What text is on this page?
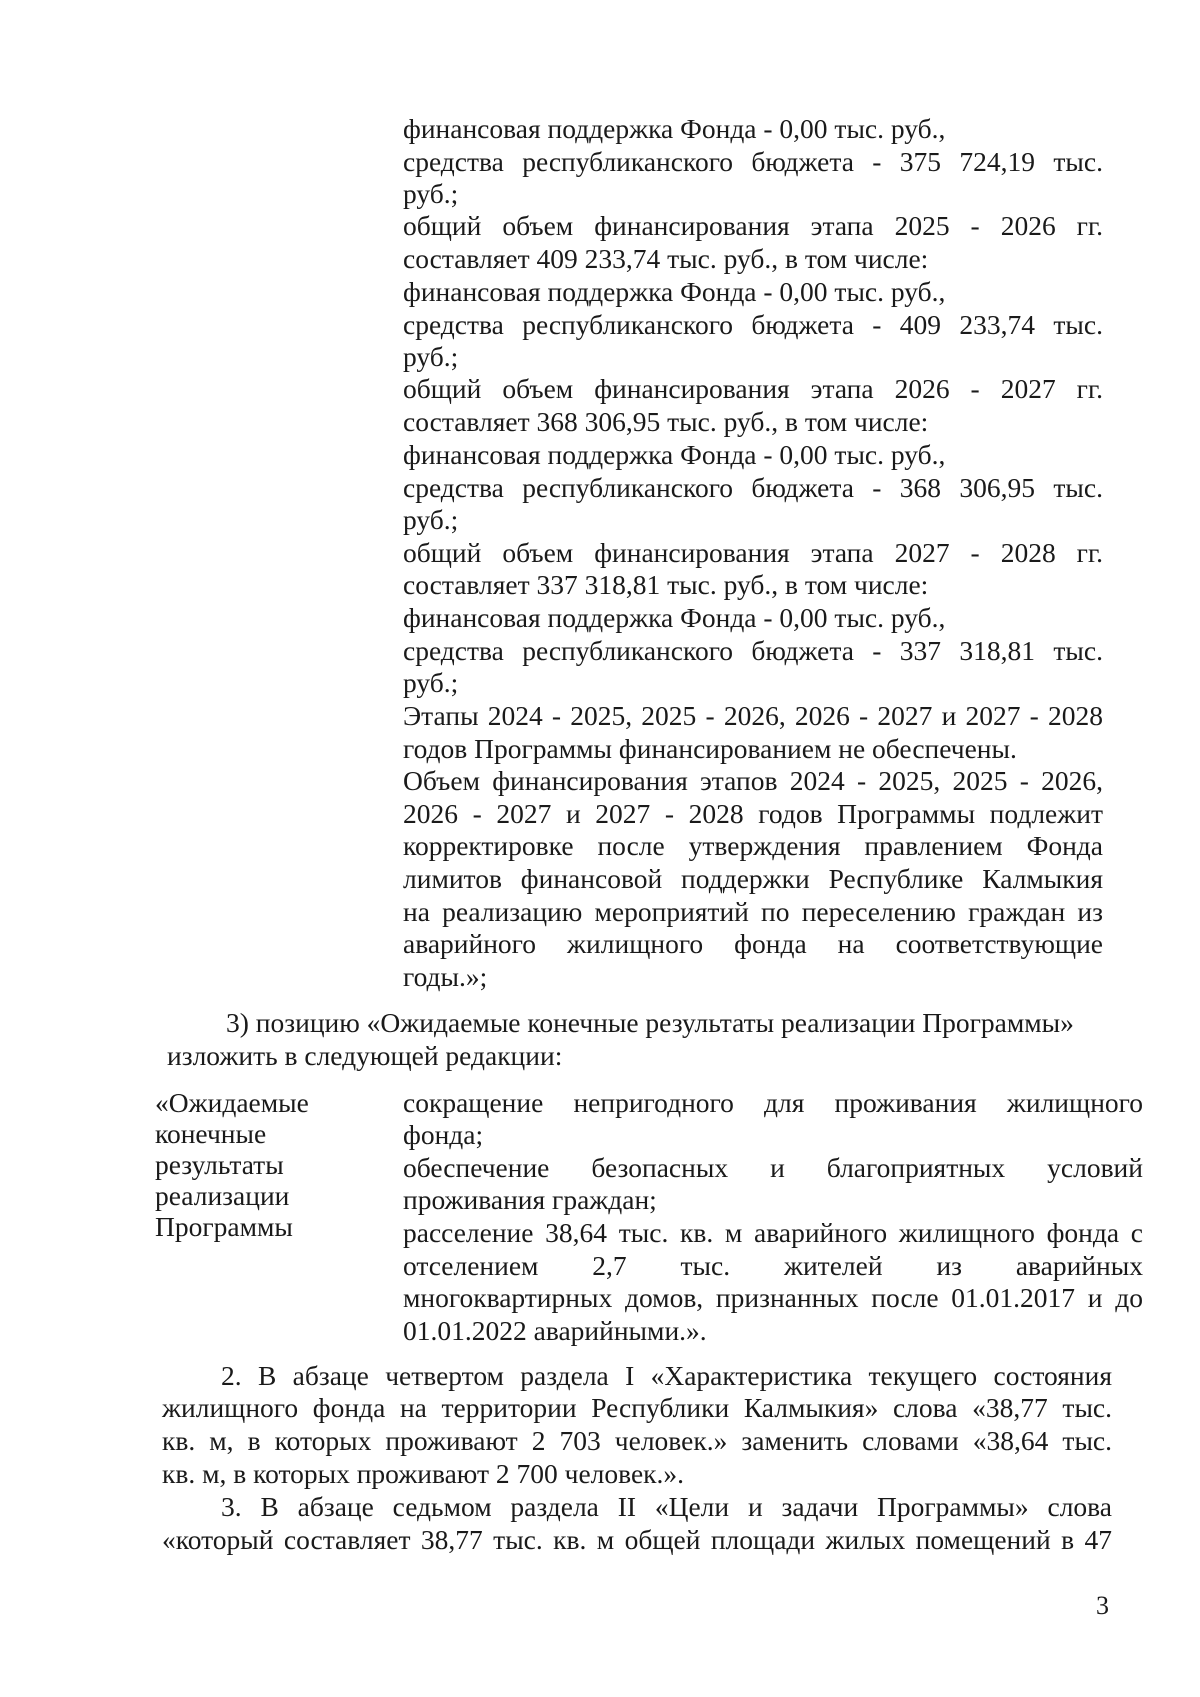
финансовая поддержка Фонда - 0,00 тыс. руб.,
средства республиканского бюджета - 375 724,19 тыс.
руб.;
общий объем финансирования этапа 2025 - 2026 гг.
составляет 409 233,74 тыс. руб., в том числе:
финансовая поддержка Фонда - 0,00 тыс. руб.,
средства республиканского бюджета - 409 233,74 тыс.
руб.;
общий объем финансирования этапа 2026 - 2027 гг.
составляет 368 306,95 тыс. руб., в том числе:
финансовая поддержка Фонда - 0,00 тыс. руб.,
средства республиканского бюджета - 368 306,95 тыс.
руб.;
общий объем финансирования этапа 2027 - 2028 гг.
составляет 337 318,81 тыс. руб., в том числе:
финансовая поддержка Фонда - 0,00 тыс. руб.,
средства республиканского бюджета - 337 318,81 тыс.
руб.;
Этапы 2024 - 2025, 2025 - 2026, 2026 - 2027 и 2027 - 2028
годов Программы финансированием не обеспечены.
Объем финансирования этапов 2024 - 2025, 2025 - 2026,
2026 - 2027 и 2027 - 2028 годов Программы подлежит
корректировке после утверждения правлением Фонда
лимитов финансовой поддержки Республике Калмыкия
на реализацию мероприятий по переселению граждан из
аварийного жилищного фонда на соответствующие
годы.»;
3) позицию «Ожидаемые конечные результаты реализации Программы»
изложить в следующей редакции:
«Ожидаемые
конечные
результаты
реализации
Программы
сокращение непригодного для проживания жилищного
фонда;
обеспечение безопасных и благоприятных условий
проживания граждан;
расселение 38,64 тыс. кв. м аварийного жилищного фонда с
отселением 2,7 тыс. жителей из аварийных
многоквартирных домов, признанных после 01.01.2017 и до
01.01.2022 аварийными.».
2. В абзаце четвертом раздела I «Характеристика текущего состояния
жилищного фонда на территории Республики Калмыкия» слова «38,77 тыс.
кв. м, в которых проживают 2 703 человек.» заменить словами «38,64 тыс.
кв. м, в которых проживают 2 700 человек.».
3. В абзаце седьмом раздела II «Цели и задачи Программы» слова
«который составляет 38,77 тыс. кв. м общей площади жилых помещений в 47
3
